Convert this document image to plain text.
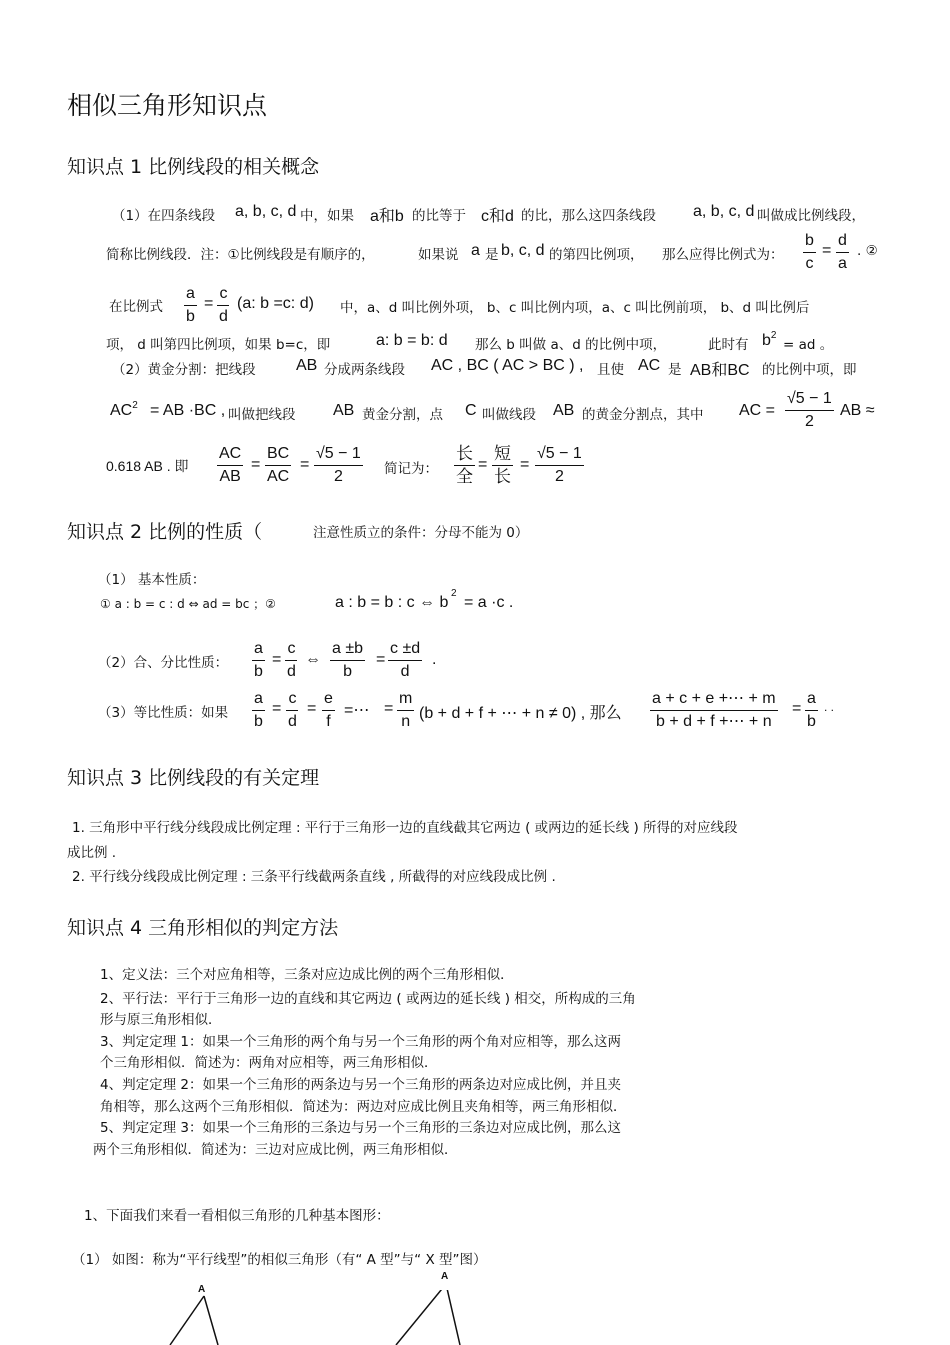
相似三角形知识点
知识点 1 比例线段的相关概念
（1）在四条线段 a, b, c, d 中，如果 a和b 的比等于 c和d 的比，那么这四条线段 a, b, c, d 叫做成比例线段，
简称比例线段．注：①比例线段是有顺序的，	如果说 a 是 b, c, d 的第四比例项， 那么应得比例式为： $\frac{b}{c} = \frac{d}{a}$ . ②
在比例式 $\frac{a}{b} = \frac{c}{d} (a$: b =c: d) 中，a、d 叫比例外项， b、c 叫比例内项，a、c 叫比例前项， b、d 叫比例后
项， d 叫第四比例项，如果 b=c，即	a: b = b: d 那么 b 叫做 a、d 的比例中项，	此时有 $b^2$
= ad 。
（2）黄金分割：把线段	AB 分成两条线段 AC , BC ( AC > BC ) , 且使 AC 是 AB和BC 的比例中项，即
$AC^2$ = AB ·BC , 叫做把线段 AB 黄金分割，点 C 叫做线段 AB 的黄金分割点，其中 AC = $\frac{√5 - 1}{2}$ AB ≈
0.618 AB . 即 $\frac{AC}{AB} = \frac{BC}{AC} = \frac{√5 - 1}{2}$ 简记为：
长
全
=
短
长
= $\frac{√5 - 1}{2}$
知识点 2 比例的性质（	注意性质立的条件：分母不能为 0）
（1） 基本性质：
① a : b = c : d ⇔ ad = bc ；②	a : b = b : c ⇔ b
2
= a ·c .
（2）合、分比性质： $\frac{a}{b} = \frac{c}{d}$ ⇔ $\frac{a \pm b}{b} = \frac{c \pm d}{d}$ .
（3）等比性质：如果 $\frac{a}{b} = \frac{c}{d} = \frac{e}{f}$ =⋯ = $\frac{m}{n} (b + d + f$ + ⋯ + n ≠ 0) , 那么 $\frac{a + c + e +\cdots + m}{b + d + f +\cdots + n} = \frac{a}{b}$ . .
知识点 3 比例线段的有关定理
1. 三角形中平行线分线段成比例定理 : 平行于三角形一边的直线截其它两边 ( 或两边的延长线 ) 所得的对应线段
成比例 .
2. 平行线分线段成比例定理 : 三条平行线截两条直线 , 所截得的对应线段成比例 .
知识点 4 三角形相似的判定方法
1、定义法：三个对应角相等，三条对应边成比例的两个三角形相似．
2、平行法：平行于三角形一边的直线和其它两边 ( 或两边的延长线 ) 相交，所构成的三角
形与原三角形相似．
3、判定定理 1：如果一个三角形的两个角与另一个三角形的两个角对应相等，那么这两
个三角形相似．简述为：两角对应相等，两三角形相似．
4、判定定理 2：如果一个三角形的两条边与另一个三角形的两条边对应成比例，并且夹
角相等，那么这两个三角形相似．简述为：两边对应成比例且夹角相等，两三角形相似．
5、判定定理 3：如果一个三角形的三条边与另一个三角形的三条边对应成比例，那么这
两个三角形相似．简述为：三边对应成比例，两三角形相似．
1、下面我们来看一看相似三角形的几种基本图形：
（1） 如图：称为“平行线型”的相似三角形（有“ A 型”与“ X 型”图）
A
A
